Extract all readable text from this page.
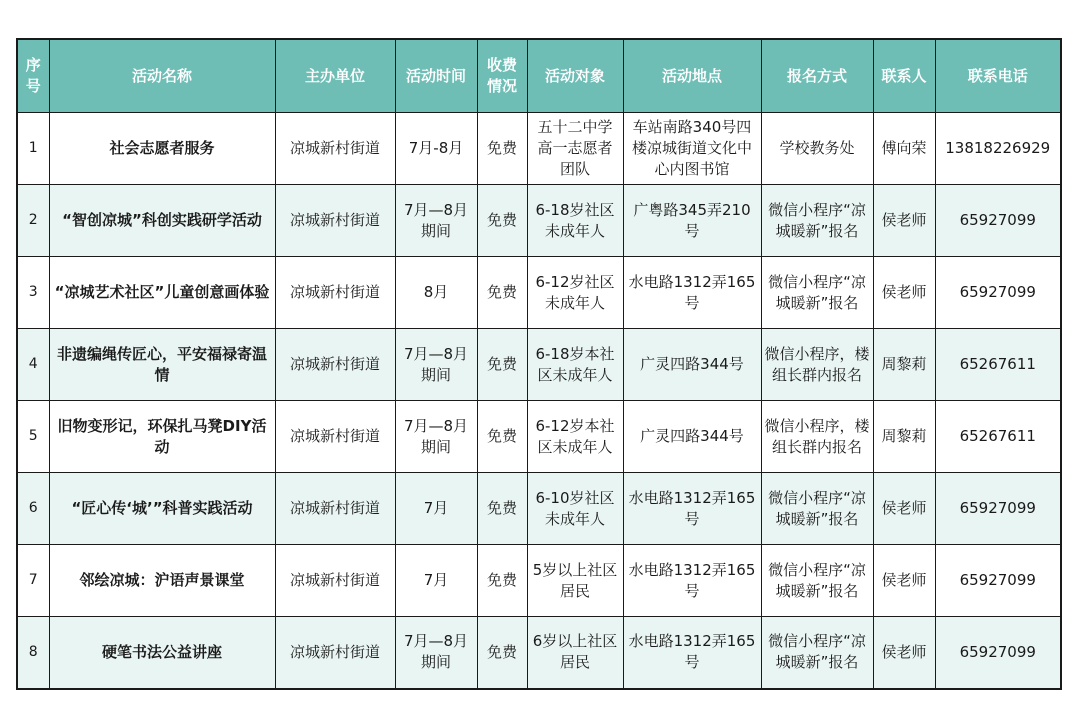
序号	活动名称	主办单位	活动时间	收费情况	活动对象	活动地点	报名方式	联系人	联系电话
1	社会志愿者服务	凉城新村街道	7月-8月	免费	五十二中学高一志愿者团队	车站南路340号四楼凉城街道文化中心内图书馆	学校教务处	傅向荣	13818226929
2	“智创凉城”科创实践研学活动	凉城新村街道	7月—8月期间	免费	6-18岁社区未成年人	广粤路345弄210号	微信小程序“凉城暖新”报名	侯老师	65927099
3	“凉城艺术社区”儿童创意画体验	凉城新村街道	8月	免费	6-12岁社区未成年人	水电路1312弄165号	微信小程序“凉城暖新”报名	侯老师	65927099
4	非遗编绳传匠心，平安福禄寄温情	凉城新村街道	7月—8月期间	免费	6-18岁本社区未成年人	广灵四路344号	微信小程序，楼组长群内报名	周黎莉	65267611
5	旧物变形记，环保扎马凳DIY活动	凉城新村街道	7月—8月期间	免费	6-12岁本社区未成年人	广灵四路344号	微信小程序，楼组长群内报名	周黎莉	65267611
6	“匠心传‘城’”科普实践活动	凉城新村街道	7月	免费	6-10岁社区未成年人	水电路1312弄165号	微信小程序“凉城暖新”报名	侯老师	65927099
7	邻绘凉城：沪语声景课堂	凉城新村街道	7月	免费	5岁以上社区居民	水电路1312弄165号	微信小程序“凉城暖新”报名	侯老师	65927099
8	硬笔书法公益讲座	凉城新村街道	7月—8月期间	免费	6岁以上社区居民	水电路1312弄165号	微信小程序“凉城暖新”报名	侯老师	65927099
